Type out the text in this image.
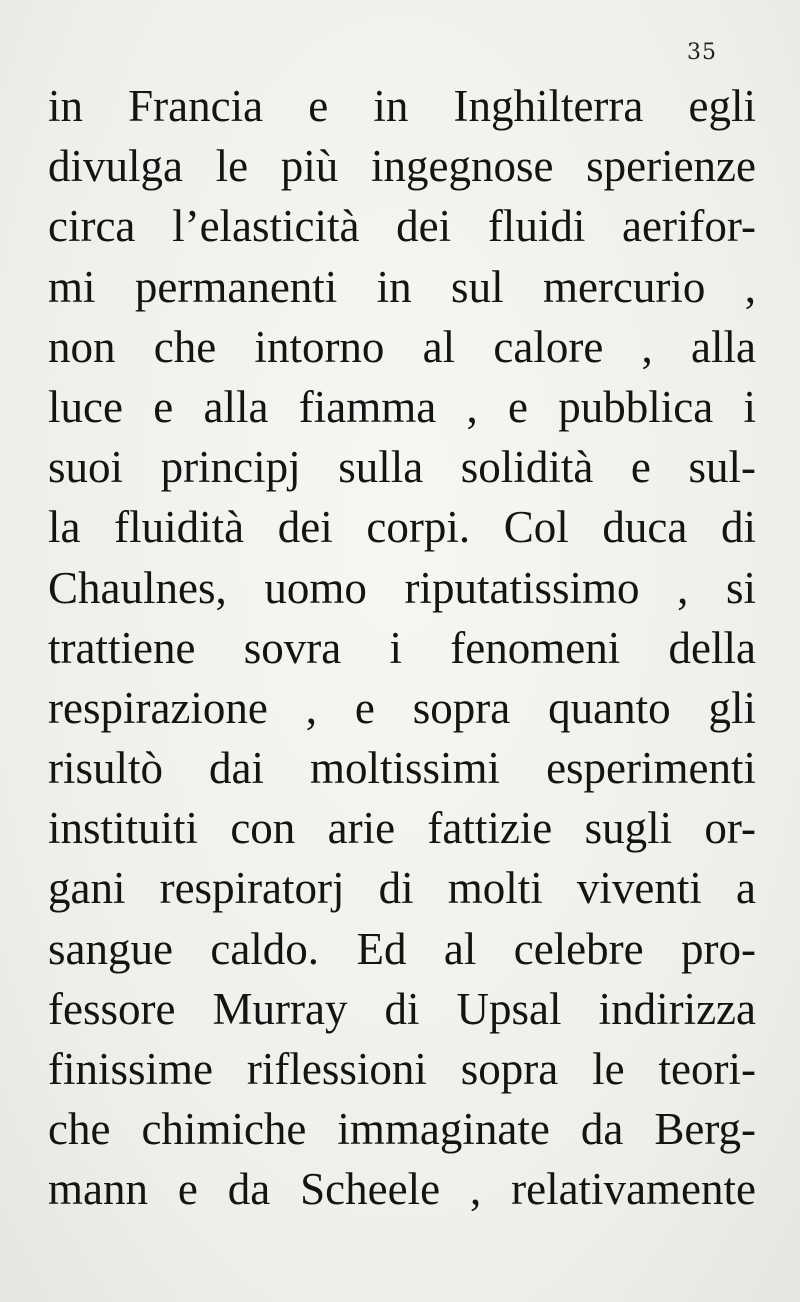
35
in Francia e in Inghilterra egli
divulga le più ingegnose sperienze
circa l’elasticità dei fluidi aerifor-
mi permanenti in sul mercurio ,
non che intorno al calore , alla
luce e alla fiamma , e pubblica i
suoi principj sulla solidità e sul-
la fluidità dei corpi. Col duca di
Chaulnes, uomo riputatissimo , si
trattiene sovra i fenomeni della
respirazione , e sopra quanto gli
risultò dai moltissimi esperimenti
instituiti con arie fattizie sugli or-
gani respiratorj di molti viventi a
sangue caldo. Ed al celebre pro-
fessore Murray di Upsal indirizza
finissime riflessioni sopra le teori-
che chimiche immaginate da Berg-
mann e da Scheele , relativamente
